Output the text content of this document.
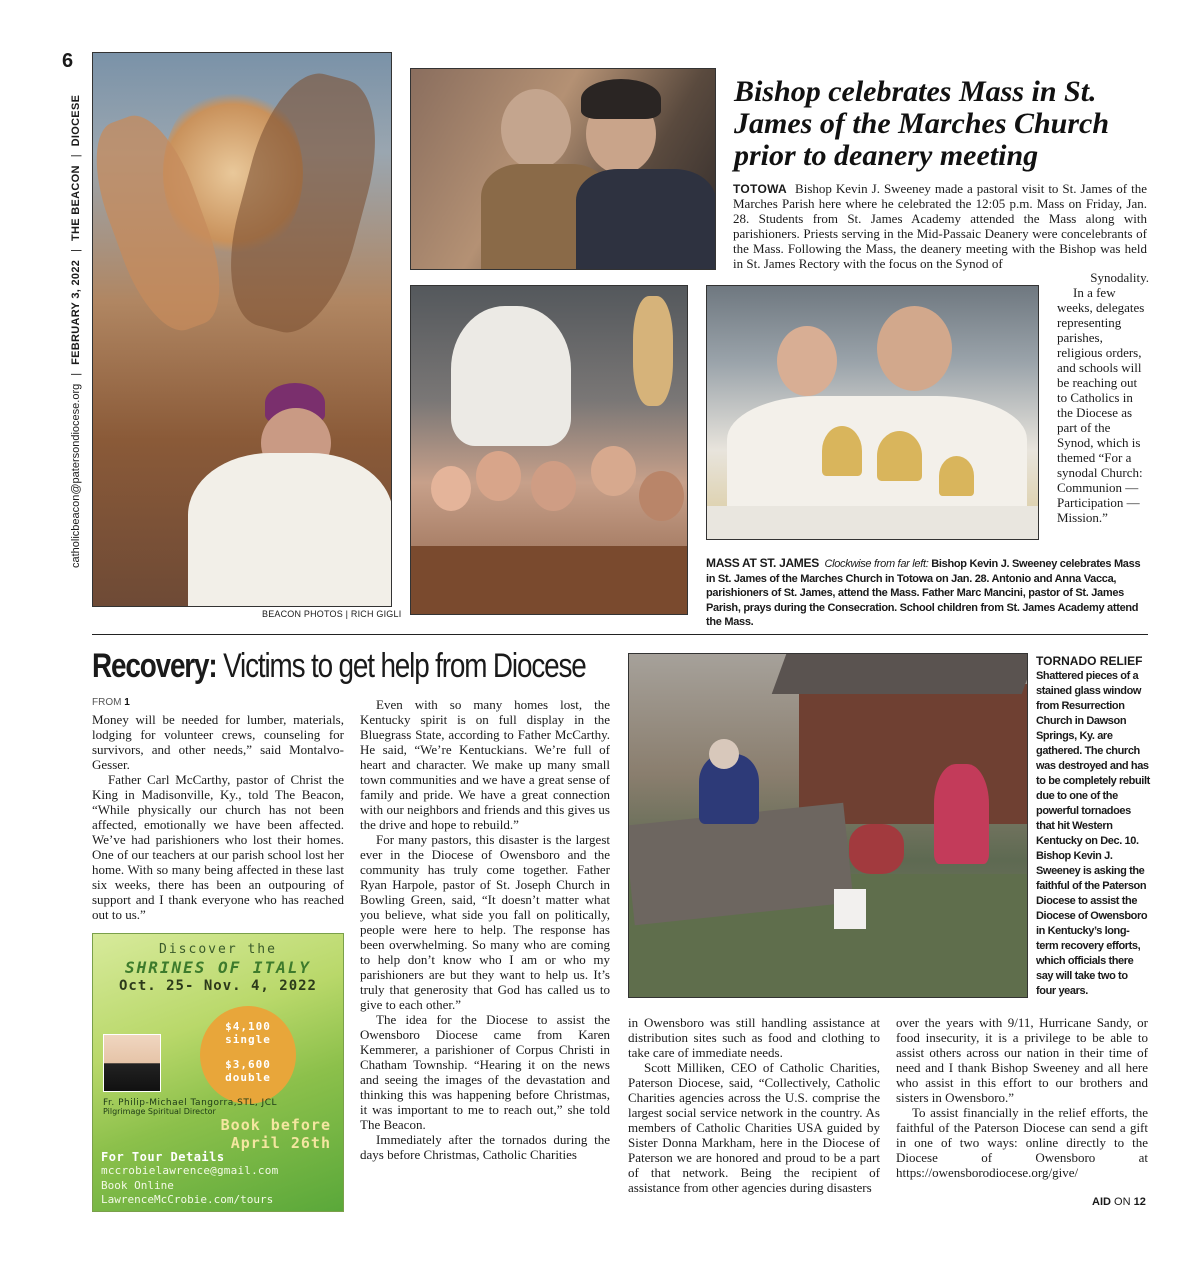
6
catholicbeacon@patersondiocese.org|FEBRUARY 3, 2022|THE BEACON|DIOCESE
BEACON PHOTOS | RICH GIGLI
Bishop celebrates Mass in St. James of the Marches Church prior to deanery meeting
TOTOWA Bishop Kevin J. Sweeney made a pastoral visit to St. James of the Marches Parish here where he celebrated the 12:05 p.m. Mass on Friday, Jan. 28. Students from St. James Academy attended the Mass along with parishioners. Priests serving in the Mid-Passaic Deanery were concelebrants of the Mass. Following the Mass, the deanery meeting with the Bishop was held in St. James Rectory with the focus on the Synod of
Synodality.
In a few weeks, delegates representing parishes, religious orders, and schools will be reaching out to Catholics in the Diocese as part of the Synod, which is themed “For a synodal Church: Communion — Participation — Mission.”
MASS AT ST. JAMES Clockwise from far left: Bishop Kevin J. Sweeney celebrates Mass in St. James of the Marches Church in Totowa on Jan. 28. Antonio and Anna Vacca, parishioners of St. James, attend the Mass. Father Marc Mancini, pastor of St. James Parish, prays during the Consecration. School children from St. James Academy attend the Mass.
Recovery: Victims to get help from Diocese
FROM 1

Money will be needed for lumber, materials, lodging for volunteer crews, counseling for survivors, and other needs,” said Montalvo-Gesser.

Father Carl McCarthy, pastor of Christ the King in Madisonville, Ky., told The Beacon, “While physically our church has not been affected, emotionally we have been affected. We’ve had parishioners who lost their homes. One of our teachers at our parish school lost her home. With so many being affected in these last six weeks, there has been an outpouring of support and I thank everyone who has reached out to us.”

Even with so many homes lost, the Kentucky spirit is on full display in the Bluegrass State, according to Father McCarthy. He said, “We’re Kentuckians. We’re full of heart and character. We make up many small town communities and we have a great sense of family and pride. We have a great connection with our neighbors and friends and this gives us the drive and hope to rebuild.”

For many pastors, this disaster is the largest ever in the Diocese of Owensboro and the community has truly come together. Father Ryan Harpole, pastor of St. Joseph Church in Bowling Green, said, “It doesn’t matter what you believe, what side you fall on politically, people were here to help. The response has been overwhelming. So many who are coming to help don’t know who I am or who my parishioners are but they want to help us. It’s truly that generosity that God has called us to give to each other.”

The idea for the Diocese to assist the Owensboro Diocese came from Karen Kemmerer, a parishioner of Corpus Christi in Chatham Township. “Hearing it on the news and seeing the images of the devastation and thinking this was happening before Christmas, it was important to me to reach out,” she told The Beacon.

Immediately after the tornados during the days before Christmas, Catholic Charities

TORNADO RELIEF
Shattered pieces of a stained glass window from Resurrection Church in Dawson Springs, Ky. are gathered. The church was destroyed and has to be completely rebuilt due to one of the powerful tornadoes that hit Western Kentucky on Dec. 10. Bishop Kevin J. Sweeney is asking the faithful of the Paterson Diocese to assist the Diocese of Owensboro in Kentucky’s long-term recovery efforts, which officials there say will take two to four years.

in Owensboro was still handling assistance at distribution sites such as food and clothing to take care of immediate needs.

Scott Milliken, CEO of Catholic Charities, Paterson Diocese, said, “Collectively, Catholic Charities agencies across the U.S. comprise the largest social service network in the country. As members of Catholic Charities USA guided by Sister Donna Markham, here in the Diocese of Paterson we are honored and proud to be a part of that network. Being the recipient of assistance from other agencies during disasters

over the years with 9/11, Hurricane Sandy, or food insecurity, it is a privilege to be able to assist others across our nation in their time of need and I thank Bishop Sweeney and all here who assist in this effort to our brothers and sisters in Owensboro.”

To assist financially in the relief efforts, the faithful of the Paterson Diocese can send a gift in one of two ways: online directly to the Diocese of Owensboro at https://owensborodiocese.org/give/

AID ON 12
Discover the
SHRINES OF ITALY
Oct. 25- Nov. 4, 2022
$4,100
single
$3,600
double
Fr. Philip-Michael Tangorra,STL, JCL
Pilgrimage Spiritual Director
Book before
April 26th
For Tour Details
mccrobielawrence@gmail.com
Book Online
LawrenceMcCrobie.com/tours
